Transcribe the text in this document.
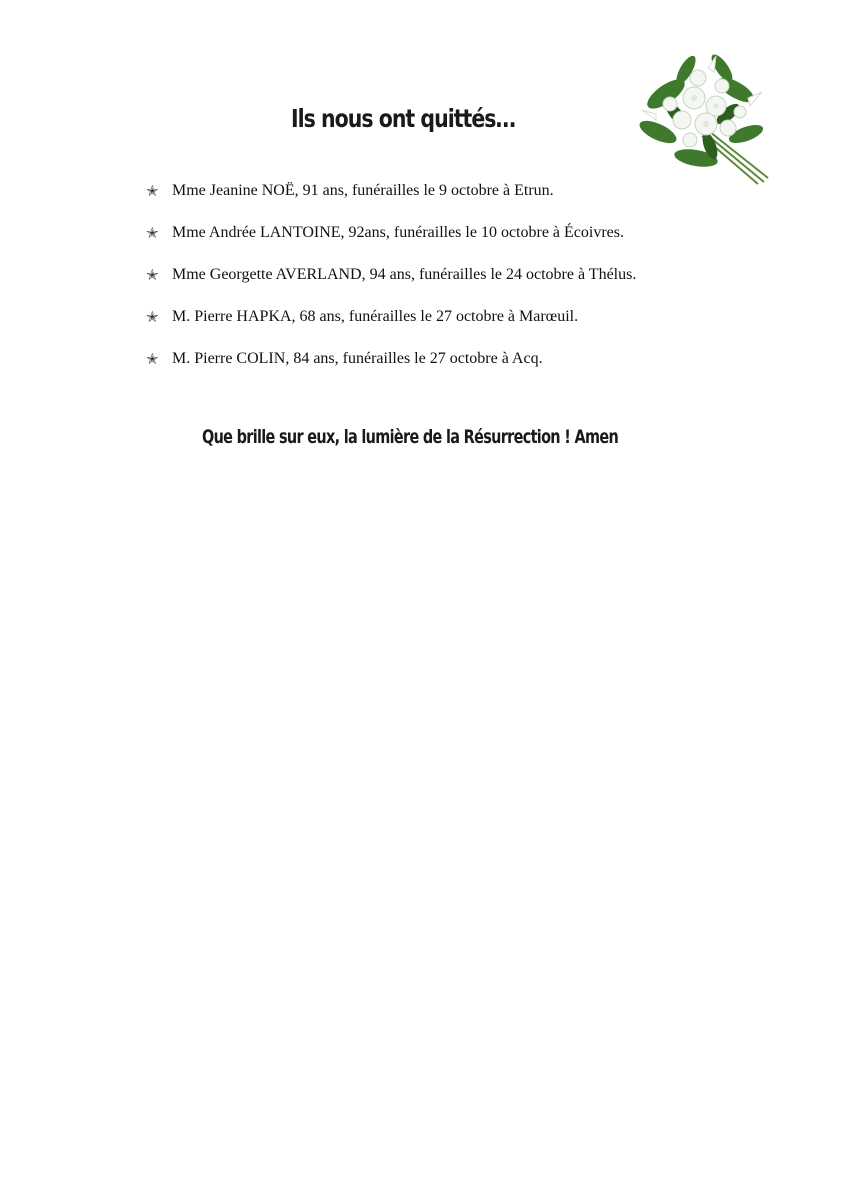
Ils nous ont quittés…
✭ Mme Jeanine NOË, 91 ans, funérailles le 9 octobre à Etrun.
✭ Mme Andrée LANTOINE, 92ans, funérailles le 10 octobre à Écoivres.
✭ Mme Georgette AVERLAND, 94 ans, funérailles le 24 octobre à Thélus.
✭ M. Pierre HAPKA, 68 ans, funérailles le 27 octobre à Marœuil.
✭ M. Pierre COLIN, 84 ans, funérailles le 27 octobre à Acq.

Que brille sur eux, la lumière de la Résurrection ! Amen
